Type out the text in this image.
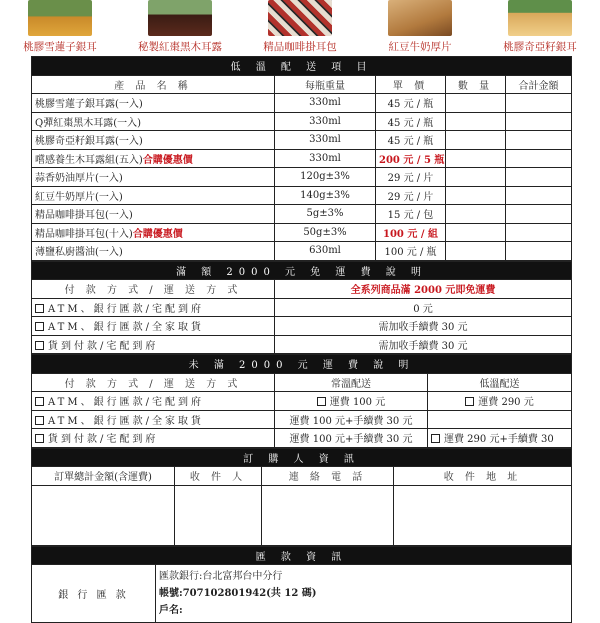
桃膠雪蓮子銀耳	秘製紅棗黑木耳露	精品咖啡掛耳包	紅豆牛奶厚片	桃膠奇亞籽銀耳
低 溫 配 送 項 目				
產 品 名 稱	每瓶重量	單 價	數 量	合計金額
桃膠雪蓮子銀耳露(一入)	330ml	45 元 / 瓶		
Q彈紅棗黑木耳露(一入)	330ml	45 元 / 瓶		
桃膠奇亞籽銀耳露(一入)	330ml	45 元 / 瓶		
嚐感養生木耳露組(五入)合購優惠價	330ml	200 元 / 5 瓶		
蒜香奶油厚片(一入)	120g±3%	29 元 / 片		
紅豆牛奶厚片(一入)	140g±3%	29 元 / 片		
精品咖啡掛耳包(一入)	5g±3%	15 元 / 包		
精品咖啡掛耳包(十入)合購優惠價	50g±3%	100 元 / 組		
薄鹽私廚醬油(一入)	630ml	100 元 / 瓶		
滿 額 2000 元 免 運 費 說 明	
付 款 方 式 / 運 送 方 式	全系列商品滿 2000 元即免運費
ATM、銀行匯款/宅配到府	0 元
ATM、銀行匯款/全家取貨	需加收手續費 30 元
貨到付款/宅配到府	需加收手續費 30 元
未 滿 2000 元 運 費 說 明		
付 款 方 式 / 運 送 方 式	常溫配送	低溫配送
ATM、銀行匯款/宅配到府	運費 100 元	運費 290 元
ATM、銀行匯款/全家取貨	運費 100 元+手續費 30 元	
貨到付款/宅配到府	運費 100 元+手續費 30 元	運費 290 元+手續費 30
訂 購 人 資 訊			
訂單總計金額(含運費)	收 件 人	連 絡 電 話	收 件 地 址

匯 款 資 訊
銀 行 匯 款	
匯款銀行:台北富邦台中分行
帳號:707102801942(共 12 碼)
戶名:
